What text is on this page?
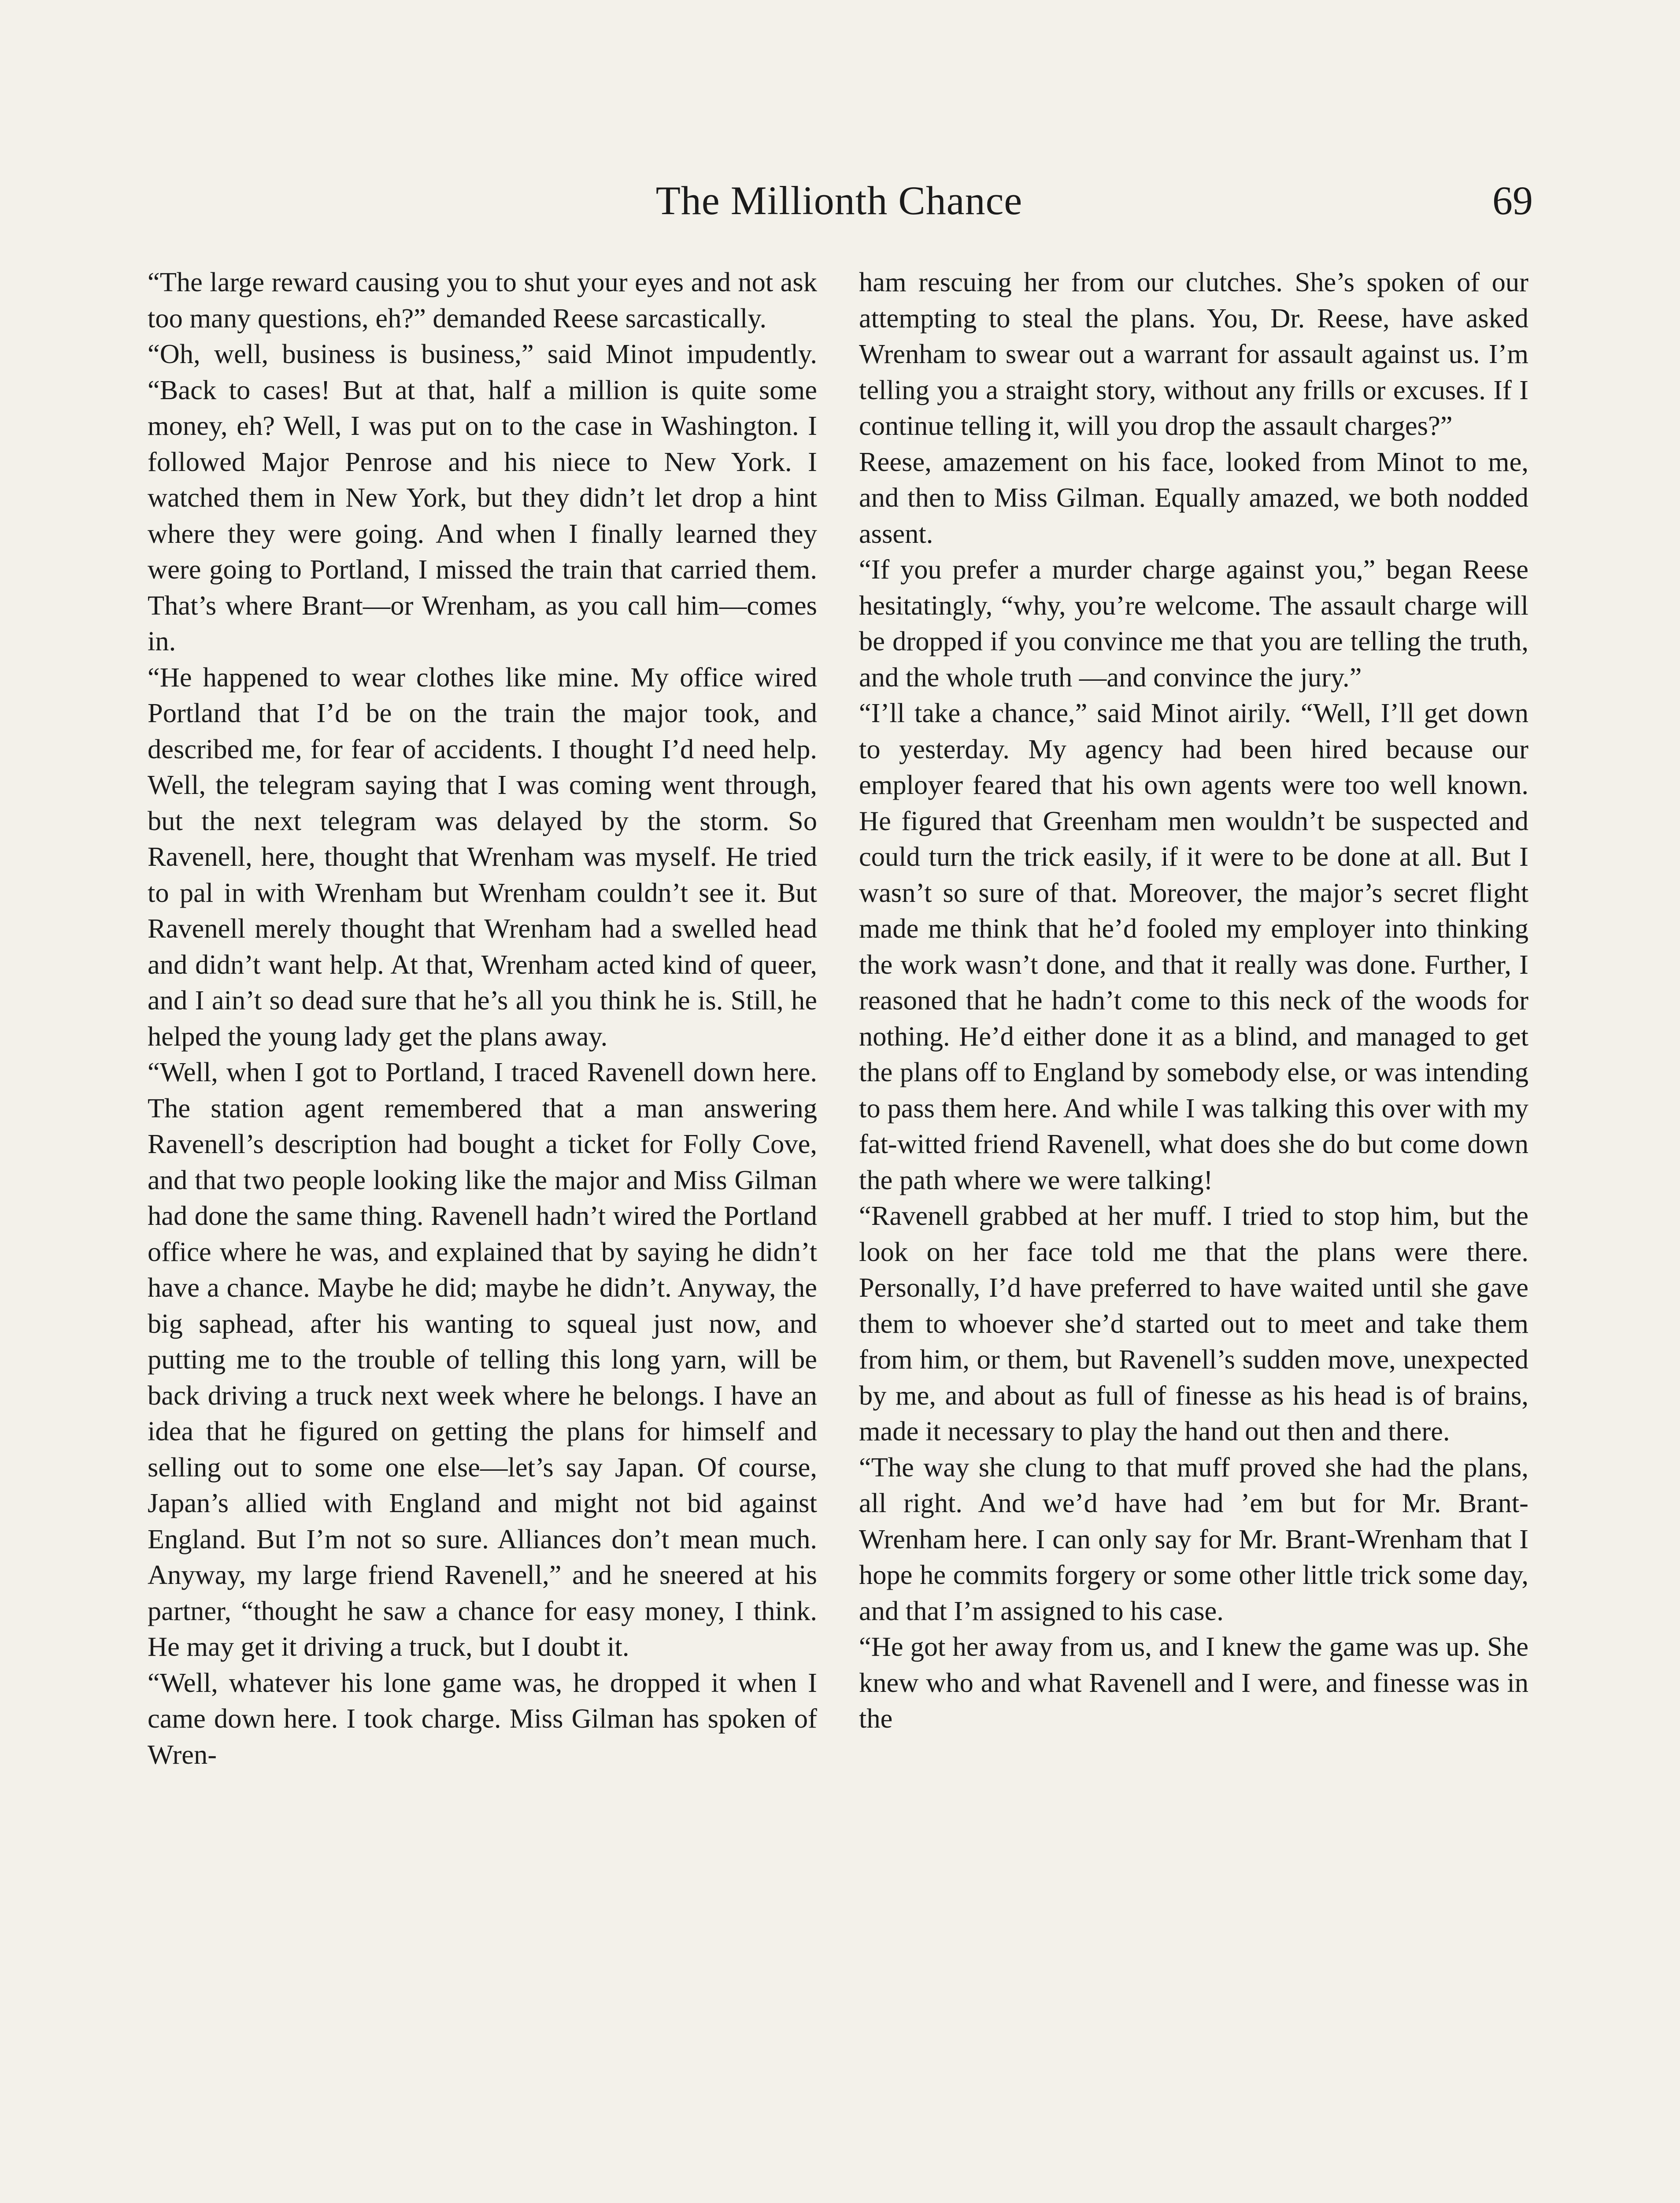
The Millionth Chance	69

“The large reward causing you to shut your eyes and not ask too many questions, eh?” demanded Reese sarcastically.

“Oh, well, business is business,” said Minot impudently. “Back to cases! But at that, half a million is quite some money, eh? Well, I was put on to the case in Washington. I followed Major Penrose and his niece to New York. I watched them in New York, but they didn’t let drop a hint where they were going. And when I finally learned they were going to Portland, I missed the train that carried them. That’s where Brant—or Wrenham, as you call him—comes in.

“He happened to wear clothes like mine. My office wired Portland that I’d be on the train the major took, and described me, for fear of accidents. I thought I’d need help. Well, the telegram saying that I was coming went through, but the next telegram was delayed by the storm. So Ravenell, here, thought that Wrenham was myself. He tried to pal in with Wrenham but Wrenham couldn’t see it. But Ravenell merely thought that Wrenham had a swelled head and didn’t want help. At that, Wrenham acted kind of queer, and I ain’t so dead sure that he’s all you think he is. Still, he helped the young lady get the plans away.

“Well, when I got to Portland, I traced Ravenell down here. The station agent remembered that a man answering Ravenell’s description had bought a ticket for Folly Cove, and that two people looking like the major and Miss Gilman had done the same thing. Ravenell hadn’t wired the Portland office where he was, and explained that by saying he didn’t have a chance. Maybe he did; maybe he didn’t. Anyway, the big saphead, after his wanting to squeal just now, and putting me to the trouble of telling this long yarn, will be back driving a truck next week where he belongs. I have an idea that he figured on getting the plans for himself and selling out to some one else—let’s say Japan. Of course, Japan’s allied with England and might not bid against England. But I’m not so sure. Alliances don’t mean much. Anyway, my large friend Ravenell,” and he sneered at his partner, “thought he saw a chance for easy money, I think. He may get it driving a truck, but I doubt it.

“Well, whatever his lone game was, he dropped it when I came down here. I took charge. Miss Gilman has spoken of Wren-

ham rescuing her from our clutches. She’s spoken of our attempting to steal the plans. You, Dr. Reese, have asked Wrenham to swear out a warrant for assault against us. I’m telling you a straight story, without any frills or excuses. If I continue telling it, will you drop the assault charges?”

Reese, amazement on his face, looked from Minot to me, and then to Miss Gilman. Equally amazed, we both nodded assent.

“If you prefer a murder charge against you,” began Reese hesitatingly, “why, you’re welcome. The assault charge will be dropped if you convince me that you are telling the truth, and the whole truth —and convince the jury.”

“I’ll take a chance,” said Minot airily. “Well, I’ll get down to yesterday. My agency had been hired because our employer feared that his own agents were too well known. He figured that Greenham men wouldn’t be suspected and could turn the trick easily, if it were to be done at all. But I wasn’t so sure of that. Moreover, the major’s secret flight made me think that he’d fooled my employer into thinking the work wasn’t done, and that it really was done. Further, I reasoned that he hadn’t come to this neck of the woods for nothing. He’d either done it as a blind, and managed to get the plans off to England by somebody else, or was intending to pass them here. And while I was talking this over with my fat-witted friend Ravenell, what does she do but come down the path where we were talking!

“Ravenell grabbed at her muff. I tried to stop him, but the look on her face told me that the plans were there. Personally, I’d have preferred to have waited until she gave them to whoever she’d started out to meet and take them from him, or them, but Ravenell’s sudden move, unexpected by me, and about as full of finesse as his head is of brains, made it necessary to play the hand out then and there.

“The way she clung to that muff proved she had the plans, all right. And we’d have had ’em but for Mr. Brant-Wrenham here. I can only say for Mr. Brant-Wrenham that I hope he commits forgery or some other little trick some day, and that I’m assigned to his case.

“He got her away from us, and I knew the game was up. She knew who and what Ravenell and I were, and finesse was in the
